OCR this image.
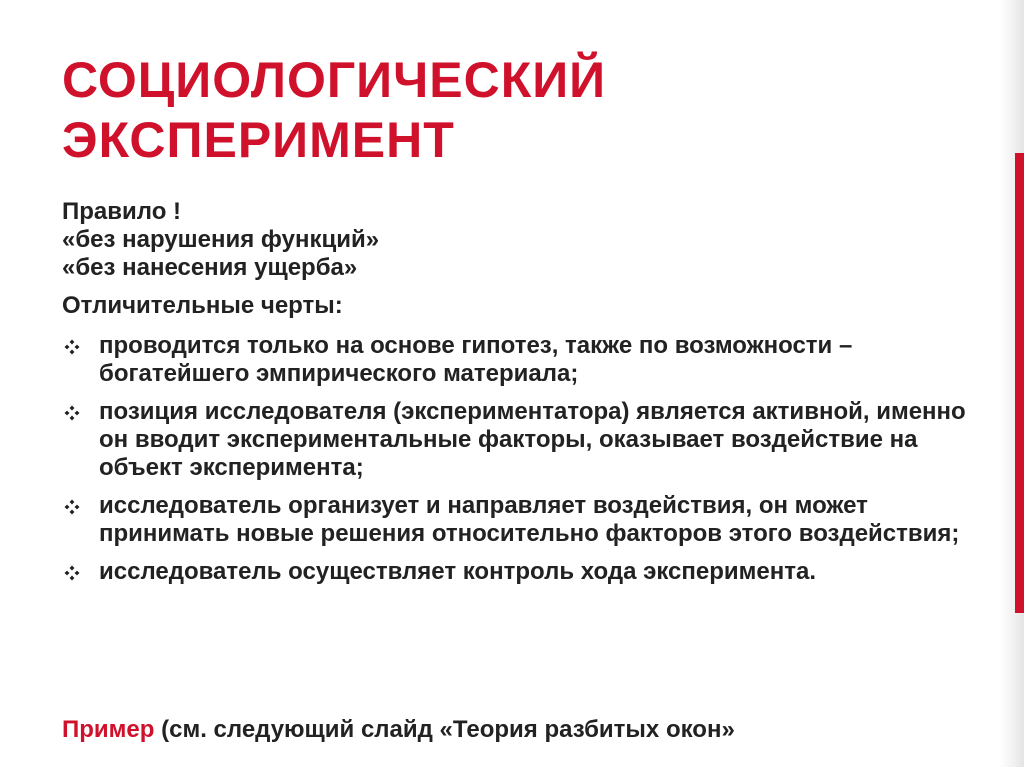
СОЦИОЛОГИЧЕСКИЙ
ЭКСПЕРИМЕНТ
Правило !
«без нарушения функций»
«без нанесения ущерба»
Отличительные черты:
проводится только на основе гипотез, также по возможности – богатейшего эмпирического материала;
позиция исследователя (экспериментатора) является активной, именно он вводит экспериментальные факторы, оказывает воздействие на объект эксперимента;
исследователь организует и направляет воздействия, он может принимать новые решения относительно факторов этого воздействия;
исследователь осуществляет контроль хода эксперимента.
Пример (см. следующий слайд «Теория разбитых окон»
